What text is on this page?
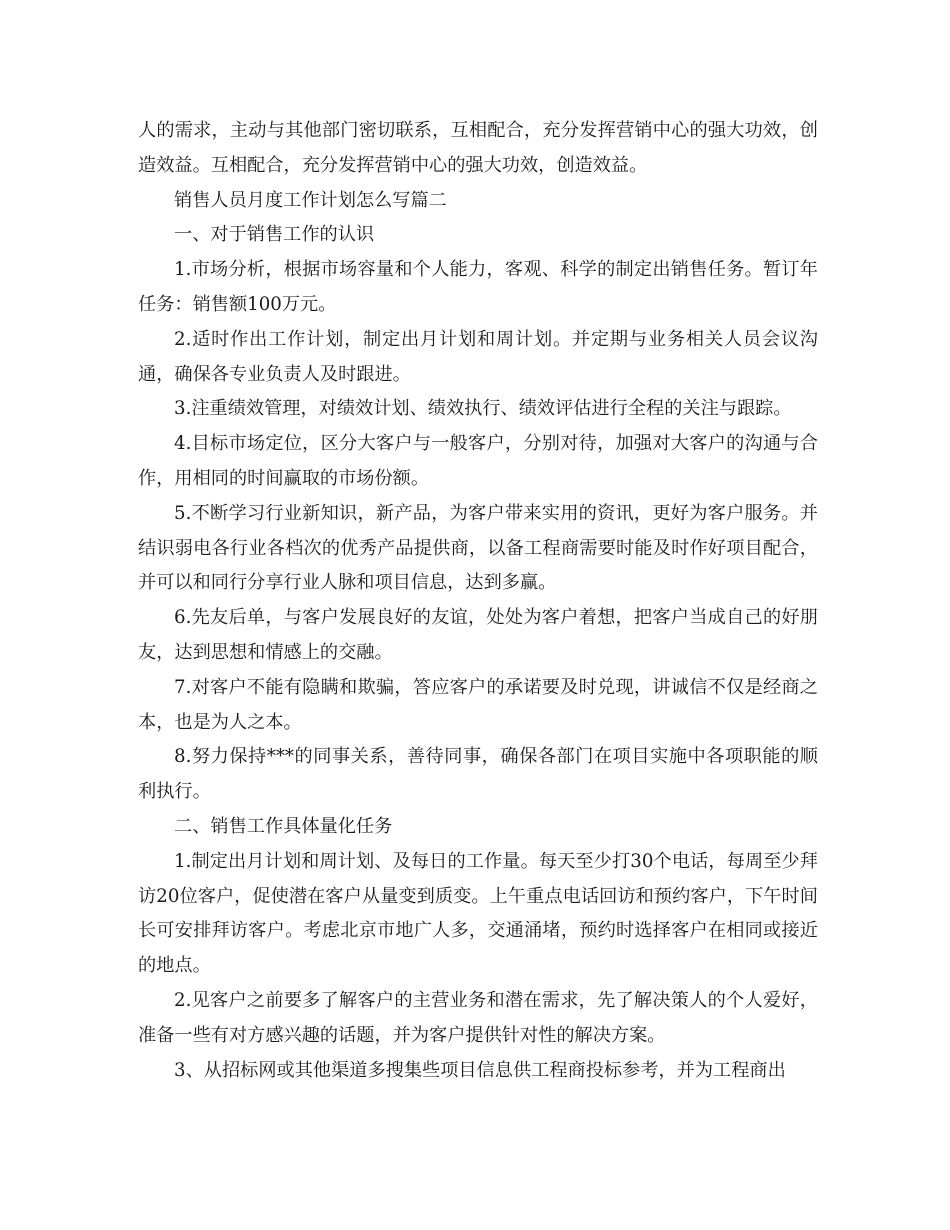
人的需求，主动与其他部门密切联系，互相配合，充分发挥营销中心的强大功效，创造效益。互相配合，充分发挥营销中心的强大功效，创造效益。

销售人员月度工作计划怎么写篇二

一、对于销售工作的认识

1.市场分析，根据市场容量和个人能力，客观、科学的制定出销售任务。暂订年任务：销售额100万元。

2.适时作出工作计划，制定出月计划和周计划。并定期与业务相关人员会议沟通，确保各专业负责人及时跟进。

3.注重绩效管理，对绩效计划、绩效执行、绩效评估进行全程的关注与跟踪。

4.目标市场定位，区分大客户与一般客户，分别对待，加强对大客户的沟通与合作，用相同的时间赢取的市场份额。

5.不断学习行业新知识，新产品，为客户带来实用的资讯，更好为客户服务。并结识弱电各行业各档次的优秀产品提供商，以备工程商需要时能及时作好项目配合，并可以和同行分享行业人脉和项目信息，达到多赢。

6.先友后单，与客户发展良好的友谊，处处为客户着想，把客户当成自己的好朋友，达到思想和情感上的交融。

7.对客户不能有隐瞒和欺骗，答应客户的承诺要及时兑现，讲诚信不仅是经商之本，也是为人之本。

8.努力保持***的同事关系，善待同事，确保各部门在项目实施中各项职能的顺利执行。

二、销售工作具体量化任务

1.制定出月计划和周计划、及每日的工作量。每天至少打30个电话，每周至少拜访20位客户，促使潜在客户从量变到质变。上午重点电话回访和预约客户，下午时间长可安排拜访客户。考虑北京市地广人多，交通涌堵，预约时选择客户在相同或接近的地点。

2.见客户之前要多了解客户的主营业务和潜在需求，先了解决策人的个人爱好，准备一些有对方感兴趣的话题，并为客户提供针对性的解决方案。

3、从招标网或其他渠道多搜集些项目信息供工程商投标参考，并为工程商出
